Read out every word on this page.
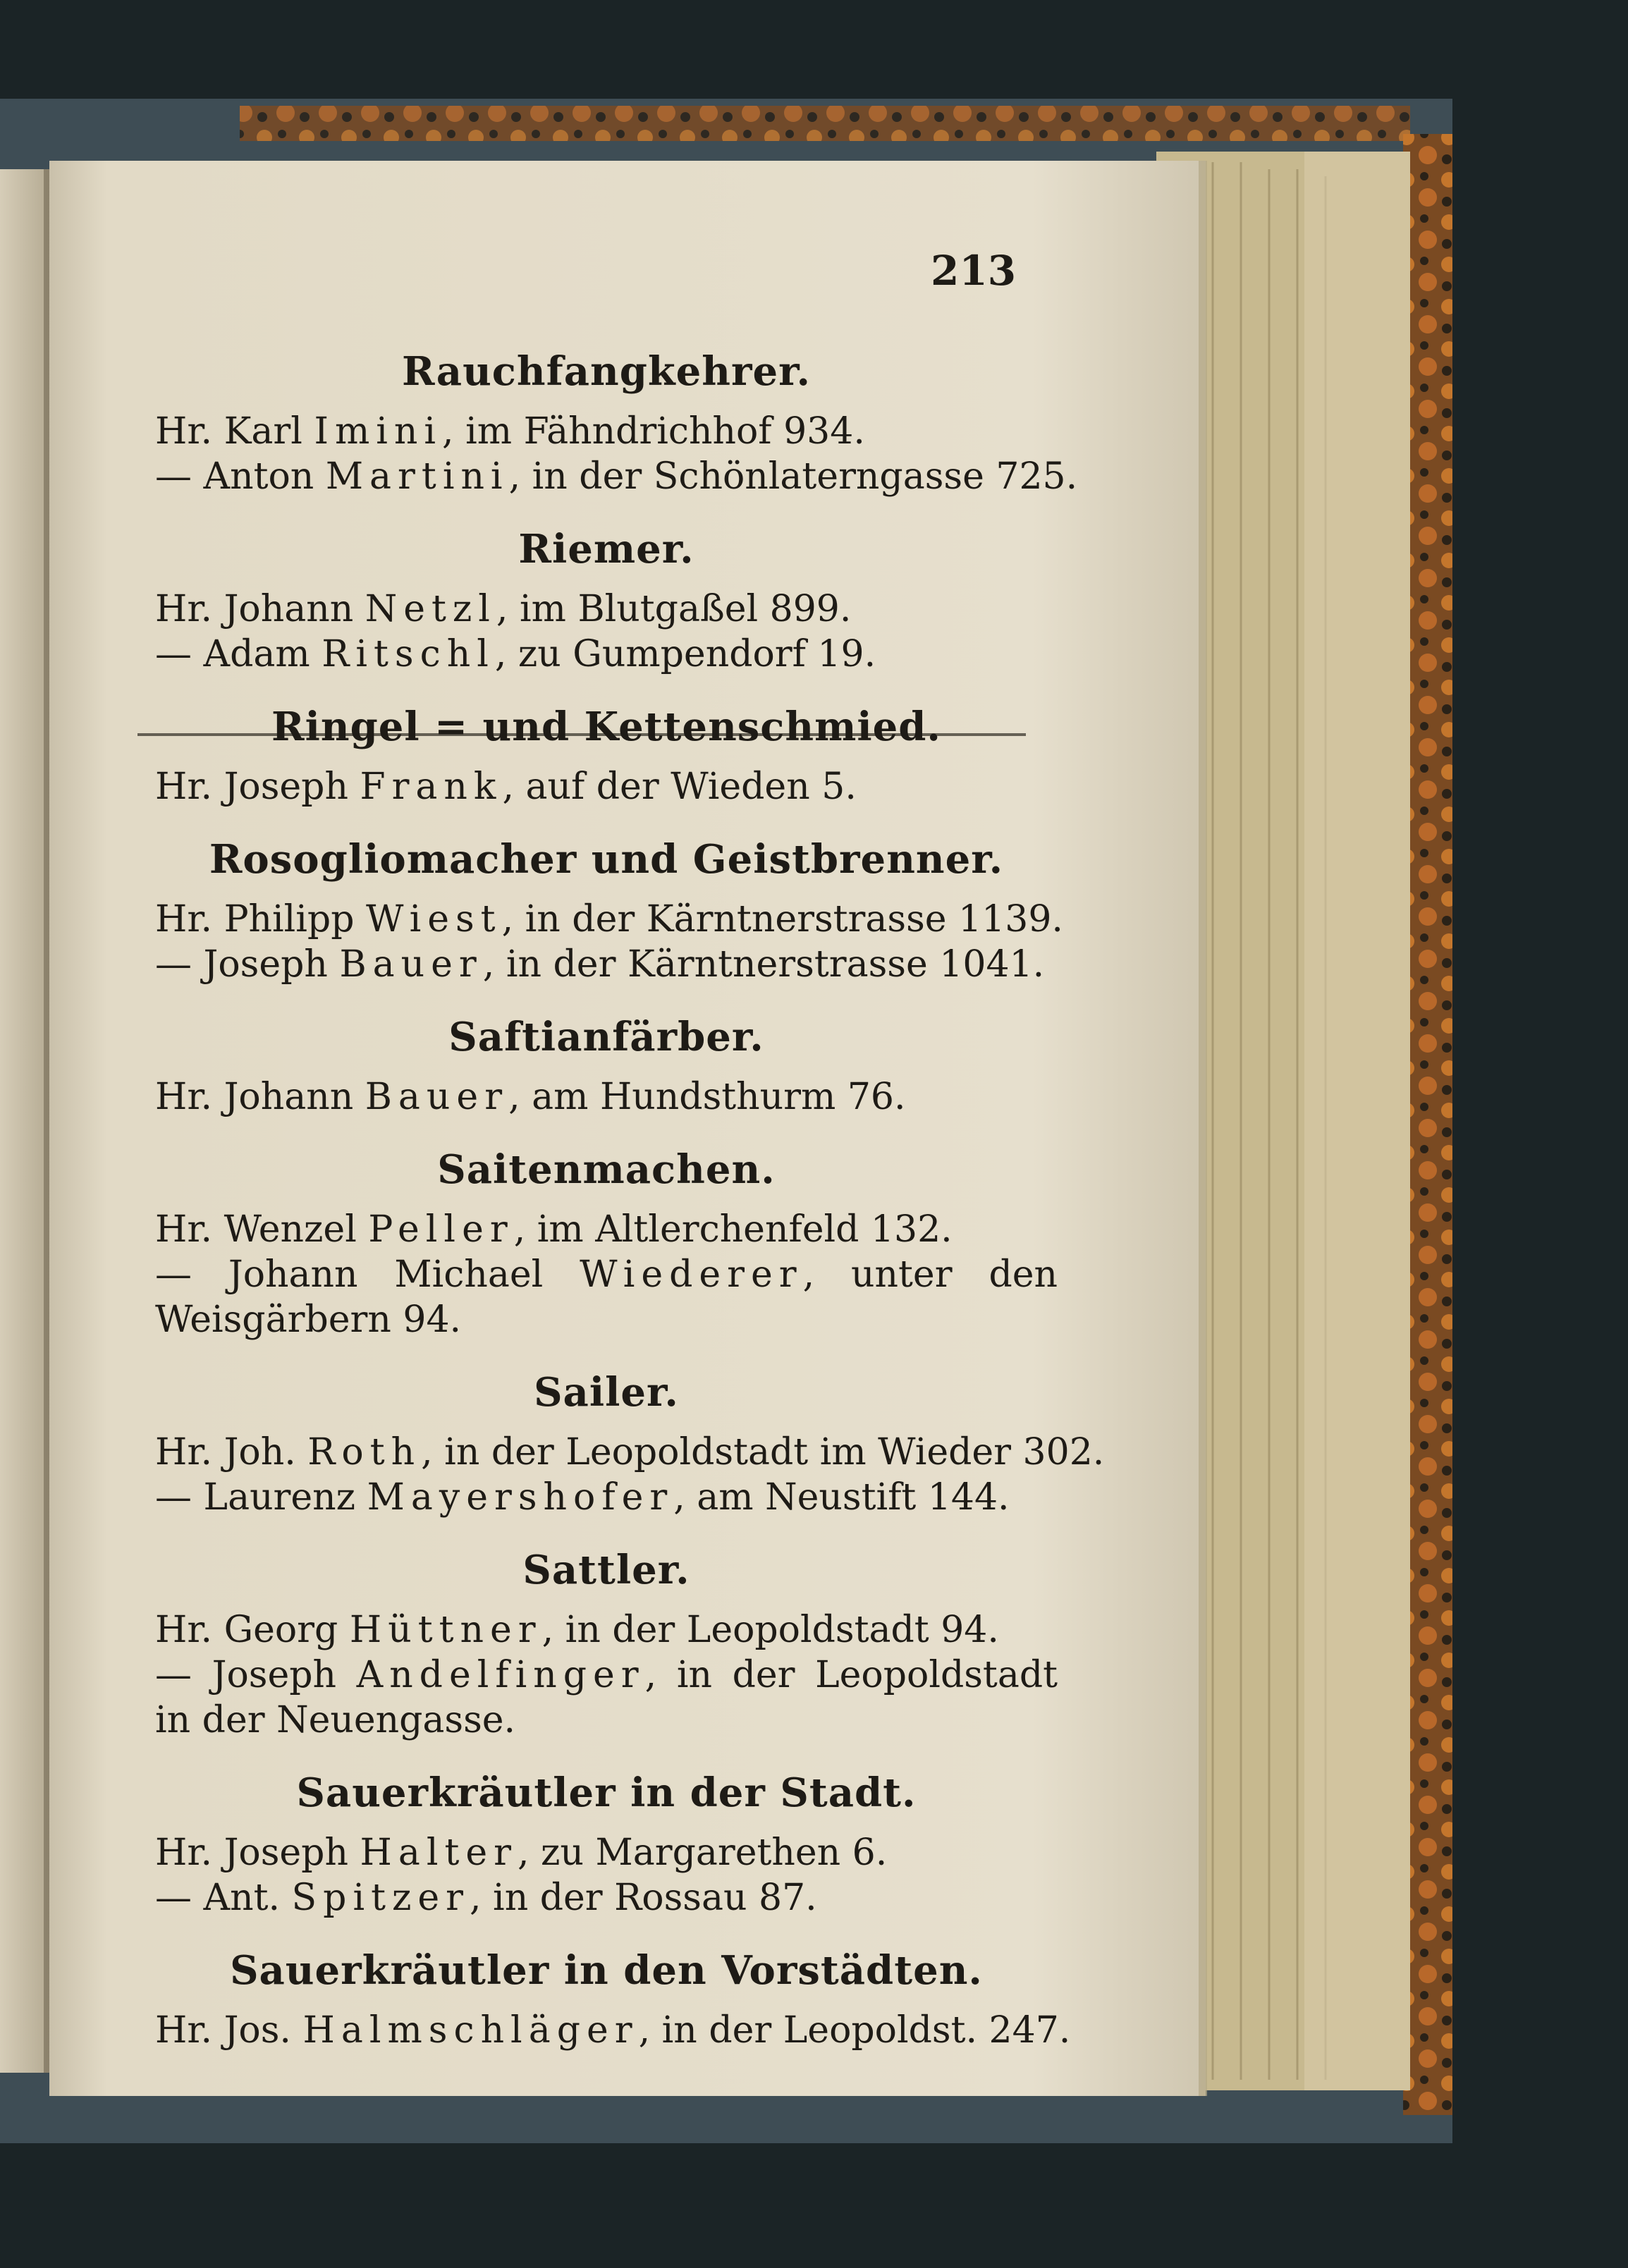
213
Rauchfangkehrer.

Hr. Karl Imini, im Fähndrichhof 934.

— Anton Martini, in der Schönlaterngasse 725.

Riemer.

Hr. Johann Netzl, im Blutgaßel 899.

— Adam Ritschl, zu Gumpendorf 19.

Ringel = und Kettenschmied.

Hr. Joseph Frank, auf der Wieden 5.

Rosogliomacher und Geistbrenner.

Hr. Philipp Wiest, in der Kärntnerstrasse 1139.

— Joseph Bauer, in der Kärntnerstrasse 1041.

Saftianfärber.

Hr. Johann Bauer, am Hundsthurm 76.

Saitenmachen.

Hr. Wenzel Peller, im Altlerchenfeld 132.

— Johann Michael Wiederer, unter den Weisgärbern 94.

Sailer.

Hr. Joh. Roth, in der Leopoldstadt im Wieder 302.

— Laurenz Mayershofer, am Neustift 144.

Sattler.

Hr. Georg Hüttner, in der Leopoldstadt 94.

— Joseph Andelfinger, in der Leopoldstadt in der Neuengasse.

Sauerkräutler in der Stadt.

Hr. Joseph Halter, zu Margarethen 6.

— Ant. Spitzer, in der Rossau 87.

Sauerkräutler in den Vorstädten.

Hr. Jos. Halmschläger, in der Leopoldst. 247.
